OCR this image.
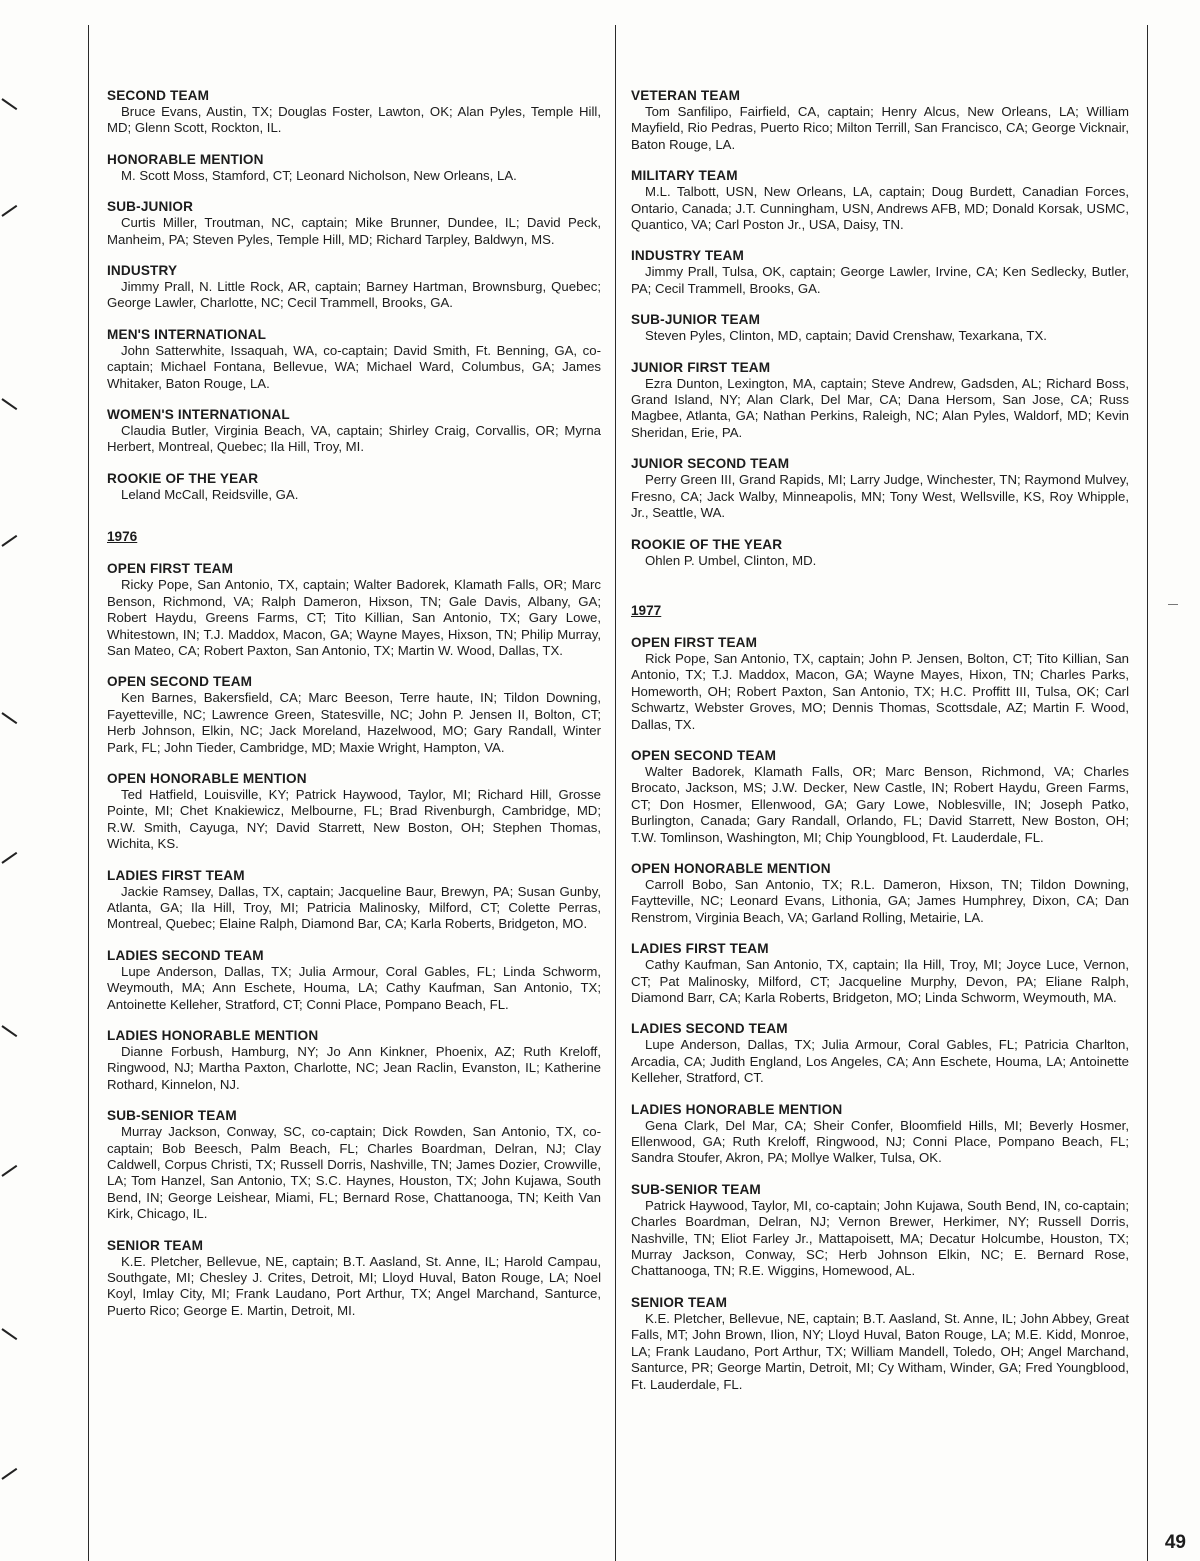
SECOND TEAM
Bruce Evans, Austin, TX; Douglas Foster, Lawton, OK; Alan Pyles, Temple Hill, MD; Glenn Scott, Rockton, IL.
HONORABLE MENTION
M. Scott Moss, Stamford, CT; Leonard Nicholson, New Orleans, LA.
SUB-JUNIOR
Curtis Miller, Troutman, NC, captain; Mike Brunner, Dundee, IL; David Peck, Manheim, PA; Steven Pyles, Temple Hill, MD; Richard Tarpley, Baldwyn, MS.
INDUSTRY
Jimmy Prall, N. Little Rock, AR, captain; Barney Hartman, Brownsburg, Quebec; George Lawler, Charlotte, NC; Cecil Trammell, Brooks, GA.
MEN'S INTERNATIONAL
John Satterwhite, Issaquah, WA, co-captain; David Smith, Ft. Benning, GA, co-captain; Michael Fontana, Bellevue, WA; Michael Ward, Columbus, GA; James Whitaker, Baton Rouge, LA.
WOMEN'S INTERNATIONAL
Claudia Butler, Virginia Beach, VA, captain; Shirley Craig, Corvallis, OR; Myrna Herbert, Montreal, Quebec; Ila Hill, Troy, MI.
ROOKIE OF THE YEAR
Leland McCall, Reidsville, GA.
1976
OPEN FIRST TEAM
Ricky Pope, San Antonio, TX, captain; Walter Badorek, Klamath Falls, OR; Marc Benson, Richmond, VA; Ralph Dameron, Hixson, TN; Gale Davis, Albany, GA; Robert Haydu, Greens Farms, CT; Tito Killian, San Antonio, TX; Gary Lowe, Whitestown, IN; T.J. Maddox, Macon, GA; Wayne Mayes, Hixson, TN; Philip Murray, San Mateo, CA; Robert Paxton, San Antonio, TX; Martin W. Wood, Dallas, TX.
OPEN SECOND TEAM
Ken Barnes, Bakersfield, CA; Marc Beeson, Terre haute, IN; Tildon Downing, Fayetteville, NC; Lawrence Green, Statesville, NC; John P. Jensen II, Bolton, CT; Herb Johnson, Elkin, NC; Jack Moreland, Hazelwood, MO; Gary Randall, Winter Park, FL; John Tieder, Cambridge, MD; Maxie Wright, Hampton, VA.
OPEN HONORABLE MENTION
Ted Hatfield, Louisville, KY; Patrick Haywood, Taylor, MI; Richard Hill, Grosse Pointe, MI; Chet Knakiewicz, Melbourne, FL; Brad Rivenburgh, Cambridge, MD; R.W. Smith, Cayuga, NY; David Starrett, New Boston, OH; Stephen Thomas, Wichita, KS.
LADIES FIRST TEAM
Jackie Ramsey, Dallas, TX, captain; Jacqueline Baur, Brewyn, PA; Susan Gunby, Atlanta, GA; Ila Hill, Troy, MI; Patricia Malinosky, Milford, CT; Colette Perras, Montreal, Quebec; Elaine Ralph, Diamond Bar, CA; Karla Roberts, Bridgeton, MO.
LADIES SECOND TEAM
Lupe Anderson, Dallas, TX; Julia Armour, Coral Gables, FL; Linda Schworm, Weymouth, MA; Ann Eschete, Houma, LA; Cathy Kaufman, San Antonio, TX; Antoinette Kelleher, Stratford, CT; Conni Place, Pompano Beach, FL.
LADIES HONORABLE MENTION
Dianne Forbush, Hamburg, NY; Jo Ann Kinkner, Phoenix, AZ; Ruth Kreloff, Ringwood, NJ; Martha Paxton, Charlotte, NC; Jean Raclin, Evanston, IL; Katherine Rothard, Kinnelon, NJ.
SUB-SENIOR TEAM
Murray Jackson, Conway, SC, co-captain; Dick Rowden, San Antonio, TX, co-captain; Bob Beesch, Palm Beach, FL; Charles Boardman, Delran, NJ; Clay Caldwell, Corpus Christi, TX; Russell Dorris, Nashville, TN; James Dozier, Crowville, LA; Tom Hanzel, San Antonio, TX; S.C. Haynes, Houston, TX; John Kujawa, South Bend, IN; George Leishear, Miami, FL; Bernard Rose, Chattanooga, TN; Keith Van Kirk, Chicago, IL.
SENIOR TEAM
K.E. Pletcher, Bellevue, NE, captain; B.T. Aasland, St. Anne, IL; Harold Campau, Southgate, MI; Chesley J. Crites, Detroit, MI; Lloyd Huval, Baton Rouge, LA; Noel Koyl, Imlay City, MI; Frank Laudano, Port Arthur, TX; Angel Marchand, Santurce, Puerto Rico; George E. Martin, Detroit, MI.
VETERAN TEAM
Tom Sanfilipo, Fairfield, CA, captain; Henry Alcus, New Orleans, LA; William Mayfield, Rio Pedras, Puerto Rico; Milton Terrill, San Francisco, CA; George Vicknair, Baton Rouge, LA.
MILITARY TEAM
M.L. Talbott, USN, New Orleans, LA, captain; Doug Burdett, Canadian Forces, Ontario, Canada; J.T. Cunningham, USN, Andrews AFB, MD; Donald Korsak, USMC, Quantico, VA; Carl Poston Jr., USA, Daisy, TN.
INDUSTRY TEAM
Jimmy Prall, Tulsa, OK, captain; George Lawler, Irvine, CA; Ken Sedlecky, Butler, PA; Cecil Trammell, Brooks, GA.
SUB-JUNIOR TEAM
Steven Pyles, Clinton, MD, captain; David Crenshaw, Texarkana, TX.
JUNIOR FIRST TEAM
Ezra Dunton, Lexington, MA, captain; Steve Andrew, Gadsden, AL; Richard Boss, Grand Island, NY; Alan Clark, Del Mar, CA; Dana Hersom, San Jose, CA; Russ Magbee, Atlanta, GA; Nathan Perkins, Raleigh, NC; Alan Pyles, Waldorf, MD; Kevin Sheridan, Erie, PA.
JUNIOR SECOND TEAM
Perry Green III, Grand Rapids, MI; Larry Judge, Winchester, TN; Raymond Mulvey, Fresno, CA; Jack Walby, Minneapolis, MN; Tony West, Wellsville, KS, Roy Whipple, Jr., Seattle, WA.
ROOKIE OF THE YEAR
Ohlen P. Umbel, Clinton, MD.
1977
OPEN FIRST TEAM
Rick Pope, San Antonio, TX, captain; John P. Jensen, Bolton, CT; Tito Killian, San Antonio, TX; T.J. Maddox, Macon, GA; Wayne Mayes, Hixon, TN; Charles Parks, Homeworth, OH; Robert Paxton, San Antonio, TX; H.C. Proffitt III, Tulsa, OK; Carl Schwartz, Webster Groves, MO; Dennis Thomas, Scottsdale, AZ; Martin F. Wood, Dallas, TX.
OPEN SECOND TEAM
Walter Badorek, Klamath Falls, OR; Marc Benson, Richmond, VA; Charles Brocato, Jackson, MS; J.W. Decker, New Castle, IN; Robert Haydu, Green Farms, CT; Don Hosmer, Ellenwood, GA; Gary Lowe, Noblesville, IN; Joseph Patko, Burlington, Canada; Gary Randall, Orlando, FL; David Starrett, New Boston, OH; T.W. Tomlinson, Washington, MI; Chip Youngblood, Ft. Lauderdale, FL.
OPEN HONORABLE MENTION
Carroll Bobo, San Antonio, TX; R.L. Dameron, Hixson, TN; Tildon Downing, Faytteville, NC; Leonard Evans, Lithonia, GA; James Humphrey, Dixon, CA; Dan Renstrom, Virginia Beach, VA; Garland Rolling, Metairie, LA.
LADIES FIRST TEAM
Cathy Kaufman, San Antonio, TX, captain; Ila Hill, Troy, MI; Joyce Luce, Vernon, CT; Pat Malinosky, Milford, CT; Jacqueline Murphy, Devon, PA; Eliane Ralph, Diamond Barr, CA; Karla Roberts, Bridgeton, MO; Linda Schworm, Weymouth, MA.
LADIES SECOND TEAM
Lupe Anderson, Dallas, TX; Julia Armour, Coral Gables, FL; Patricia Charlton, Arcadia, CA; Judith England, Los Angeles, CA; Ann Eschete, Houma, LA; Antoinette Kelleher, Stratford, CT.
LADIES HONORABLE MENTION
Gena Clark, Del Mar, CA; Sheir Confer, Bloomfield Hills, MI; Beverly Hosmer, Ellenwood, GA; Ruth Kreloff, Ringwood, NJ; Conni Place, Pompano Beach, FL; Sandra Stoufer, Akron, PA; Mollye Walker, Tulsa, OK.
SUB-SENIOR TEAM
Patrick Haywood, Taylor, MI, co-captain; John Kujawa, South Bend, IN, co-captain; Charles Boardman, Delran, NJ; Vernon Brewer, Herkimer, NY; Russell Dorris, Nashville, TN; Eliot Farley Jr., Mattapoisett, MA; Decatur Holcumbe, Houston, TX; Murray Jackson, Conway, SC; Herb Johnson Elkin, NC; E. Bernard Rose, Chattanooga, TN; R.E. Wiggins, Homewood, AL.
SENIOR TEAM
K.E. Pletcher, Bellevue, NE, captain; B.T. Aasland, St. Anne, IL; John Abbey, Great Falls, MT; John Brown, Ilion, NY; Lloyd Huval, Baton Rouge, LA; M.E. Kidd, Monroe, LA; Frank Laudano, Port Arthur, TX; William Mandell, Toledo, OH; Angel Marchand, Santurce, PR; George Martin, Detroit, MI; Cy Witham, Winder, GA; Fred Youngblood, Ft. Lauderdale, FL.
49
